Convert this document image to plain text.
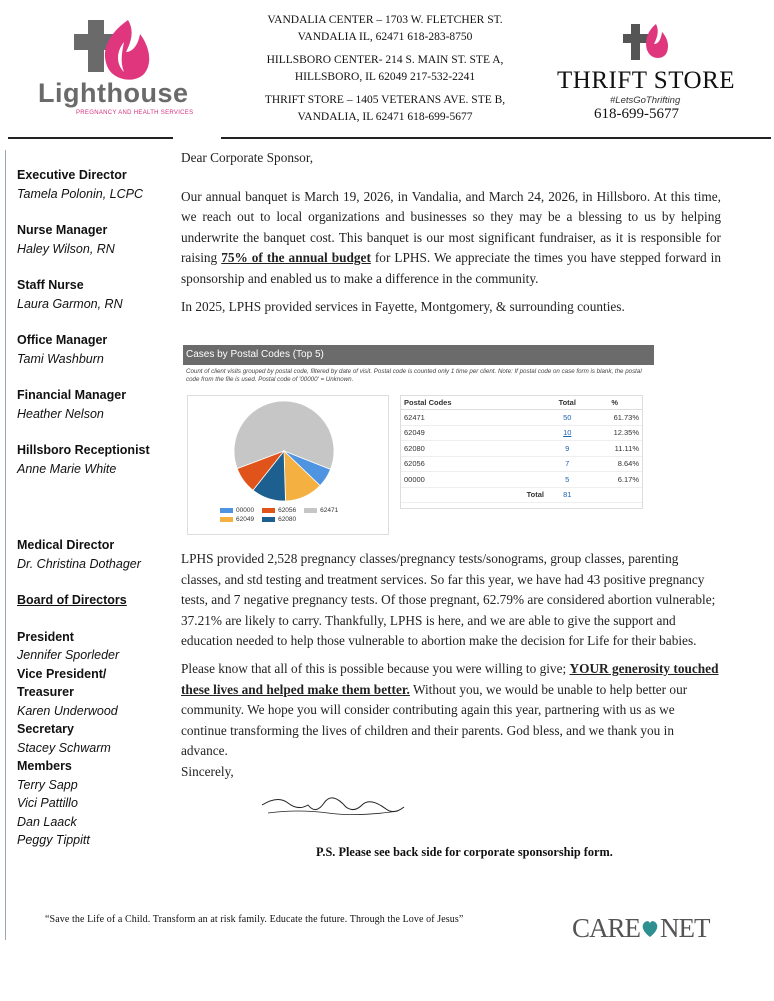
Lighthouse
PREGNANCY AND HEALTH SERVICES
VANDALIA CENTER – 1703 W. FLETCHER ST.
VANDALIA IL, 62471 618-283-8750
HILLSBORO CENTER- 214 S. MAIN ST. STE A,
HILLSBORO, IL 62049 217-532-2241
THRIFT STORE – 1405 VETERANS AVE. STE B,
VANDALIA, IL 62471 618-699-5677
THRIFT STORE
#LetsGoThrifting
618-699-5677
Executive Director
Tamela Polonin, LCPC
Nurse Manager
Haley Wilson, RN
Staff Nurse
Laura Garmon, RN
Office Manager
Tami Washburn
Financial Manager
Heather Nelson
Hillsboro Receptionist
Anne Marie White
Medical Director
Dr. Christina Dothager
Board of Directors
President
Jennifer Sporleder
Vice President/
Treasurer
Karen Underwood
Secretary
Stacey Schwarm
Members
Terry Sapp
Vici Pattillo
Dan Laack
Peggy Tippitt

Dear Corporate Sponsor,

Our annual banquet is March 19, 2026, in Vandalia, and March 24, 2026, in Hillsboro. At this time, we reach out to local organizations and businesses so they may be a blessing to us by helping underwrite the banquet cost. This banquet is our most significant fundraiser, as it is responsible for raising 75% of the annual budget for LPHS. We appreciate the times you have stepped forward in sponsorship and enabled us to make a difference in the community.

In 2025, LPHS provided services in Fayette, Montgomery, & surrounding counties.

Cases by Postal Codes (Top 5)
Count of client visits grouped by postal code, filtered by date of visit. Postal code is counted only 1 time per client. Note: If postal code on case form is blank, the postal code from the file is used. Postal code of '00000' = Unknown.
00000	62056	62471
62049	62080
Postal Codes	Total	%
62471	50	61.73%
62049	10	12.35%
62080	9	11.11%
62056	7	8.64%
00000	5	6.17%
Total	81	

LPHS provided 2,528 pregnancy classes/pregnancy tests/sonograms, group classes, parenting classes, and std testing and treatment services. So far this year, we have had 43 positive pregnancy tests, and 7 negative pregnancy tests. Of those pregnant, 62.79% are considered abortion vulnerable; 37.21% are likely to carry. Thankfully, LPHS is here, and we are able to give the support and education needed to help those vulnerable to abortion make the decision for Life for their babies.

Please know that all of this is possible because you were willing to give; YOUR generosity touched these lives and helped make them better. Without you, we would be unable to help better our community. We hope you will consider contributing again this year, partnering with us as we continue transforming the lives of children and their parents. God bless, and we thank you in advance.

Sincerely,

P.S. Please see back side for corporate sponsorship form.
“Save the Life of a Child. Transform an at risk family. Educate the future. Through the Love of Jesus”	CARE NET
